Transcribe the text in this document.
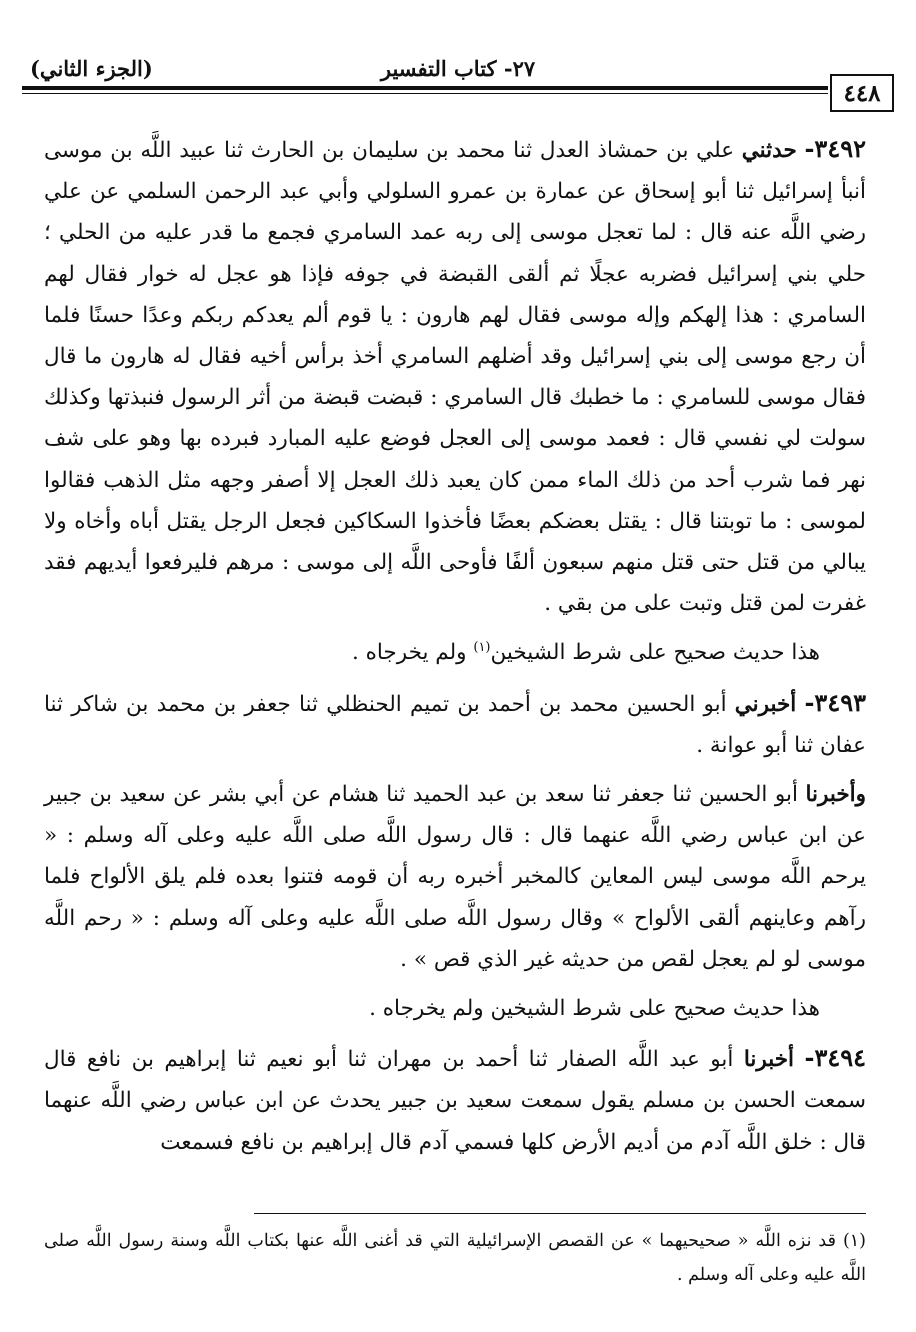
٤٤٨
٢٧- كتاب التفسير
(الجزء الثاني)

٣٤٩٢- حدثني علي بن حمشاذ العدل ثنا محمد بن سليمان بن الحارث ثنا عبيد اللَّه بن موسى أنبأ إسرائيل ثنا أبو إسحاق عن عمارة بن عمرو السلولي وأبي عبد الرحمن السلمي عن علي رضي اللَّه عنه قال : لما تعجل موسى إلى ربه عمد السامري فجمع ما قدر عليه من الحلي ؛ حلي بني إسرائيل فضربه عجلًا ثم ألقى القبضة في جوفه فإذا هو عجل له خوار فقال لهم السامري : هذا إلهكم وإله موسى فقال لهم هارون : يا قوم ألم يعدكم ربكم وعدًا حسنًا فلما أن رجع موسى إلى بني إسرائيل وقد أضلهم السامري أخذ برأس أخيه فقال له هارون ما قال فقال موسى للسامري : ما خطبك قال السامري : قبضت قبضة من أثر الرسول فنبذتها وكذلك سولت لي نفسي قال : فعمد موسى إلى العجل فوضع عليه المبارد فبرده بها وهو على شف نهر فما شرب أحد من ذلك الماء ممن كان يعبد ذلك العجل إلا أصفر وجهه مثل الذهب فقالوا لموسى : ما توبتنا قال : يقتل بعضكم بعضًا فأخذوا السكاكين فجعل الرجل يقتل أباه وأخاه ولا يبالي من قتل حتى قتل منهم سبعون ألفًا فأوحى اللَّه إلى موسى : مرهم فليرفعوا أيديهم فقد غفرت لمن قتل وتبت على من بقي .

هذا حديث صحيح على شرط الشيخين$^{(١)}$ ولم يخرجاه .

٣٤٩٣- أخبرني أبو الحسين محمد بن أحمد بن تميم الحنظلي ثنا جعفر بن محمد بن شاكر ثنا عفان ثنا أبو عوانة .

وأخبرنا أبو الحسين ثنا جعفر ثنا سعد بن عبد الحميد ثنا هشام عن أبي بشر عن سعيد بن جبير عن ابن عباس رضي اللَّه عنهما قال : قال رسول اللَّه صلى اللَّه عليه وعلى آله وسلم : « يرحم اللَّه موسى ليس المعاين كالمخبر أخبره ربه أن قومه فتنوا بعده فلم يلق الألواح فلما رآهم وعاينهم ألقى الألواح » وقال رسول اللَّه صلى اللَّه عليه وعلى آله وسلم : « رحم اللَّه موسى لو لم يعجل لقص من حديثه غير الذي قص » .

هذا حديث صحيح على شرط الشيخين ولم يخرجاه .

٣٤٩٤- أخبرنا أبو عبد اللَّه الصفار ثنا أحمد بن مهران ثنا أبو نعيم ثنا إبراهيم بن نافع قال سمعت الحسن بن مسلم يقول سمعت سعيد بن جبير يحدث عن ابن عباس رضي اللَّه عنهما قال : خلق اللَّه آدم من أديم الأرض كلها فسمي آدم قال إبراهيم بن نافع فسمعت

(١) قد نزه اللَّه « صحيحيهما » عن القصص الإسرائيلية التي قد أغنى اللَّه عنها بكتاب اللَّه وسنة رسول اللَّه صلى اللَّه عليه وعلى آله وسلم .
